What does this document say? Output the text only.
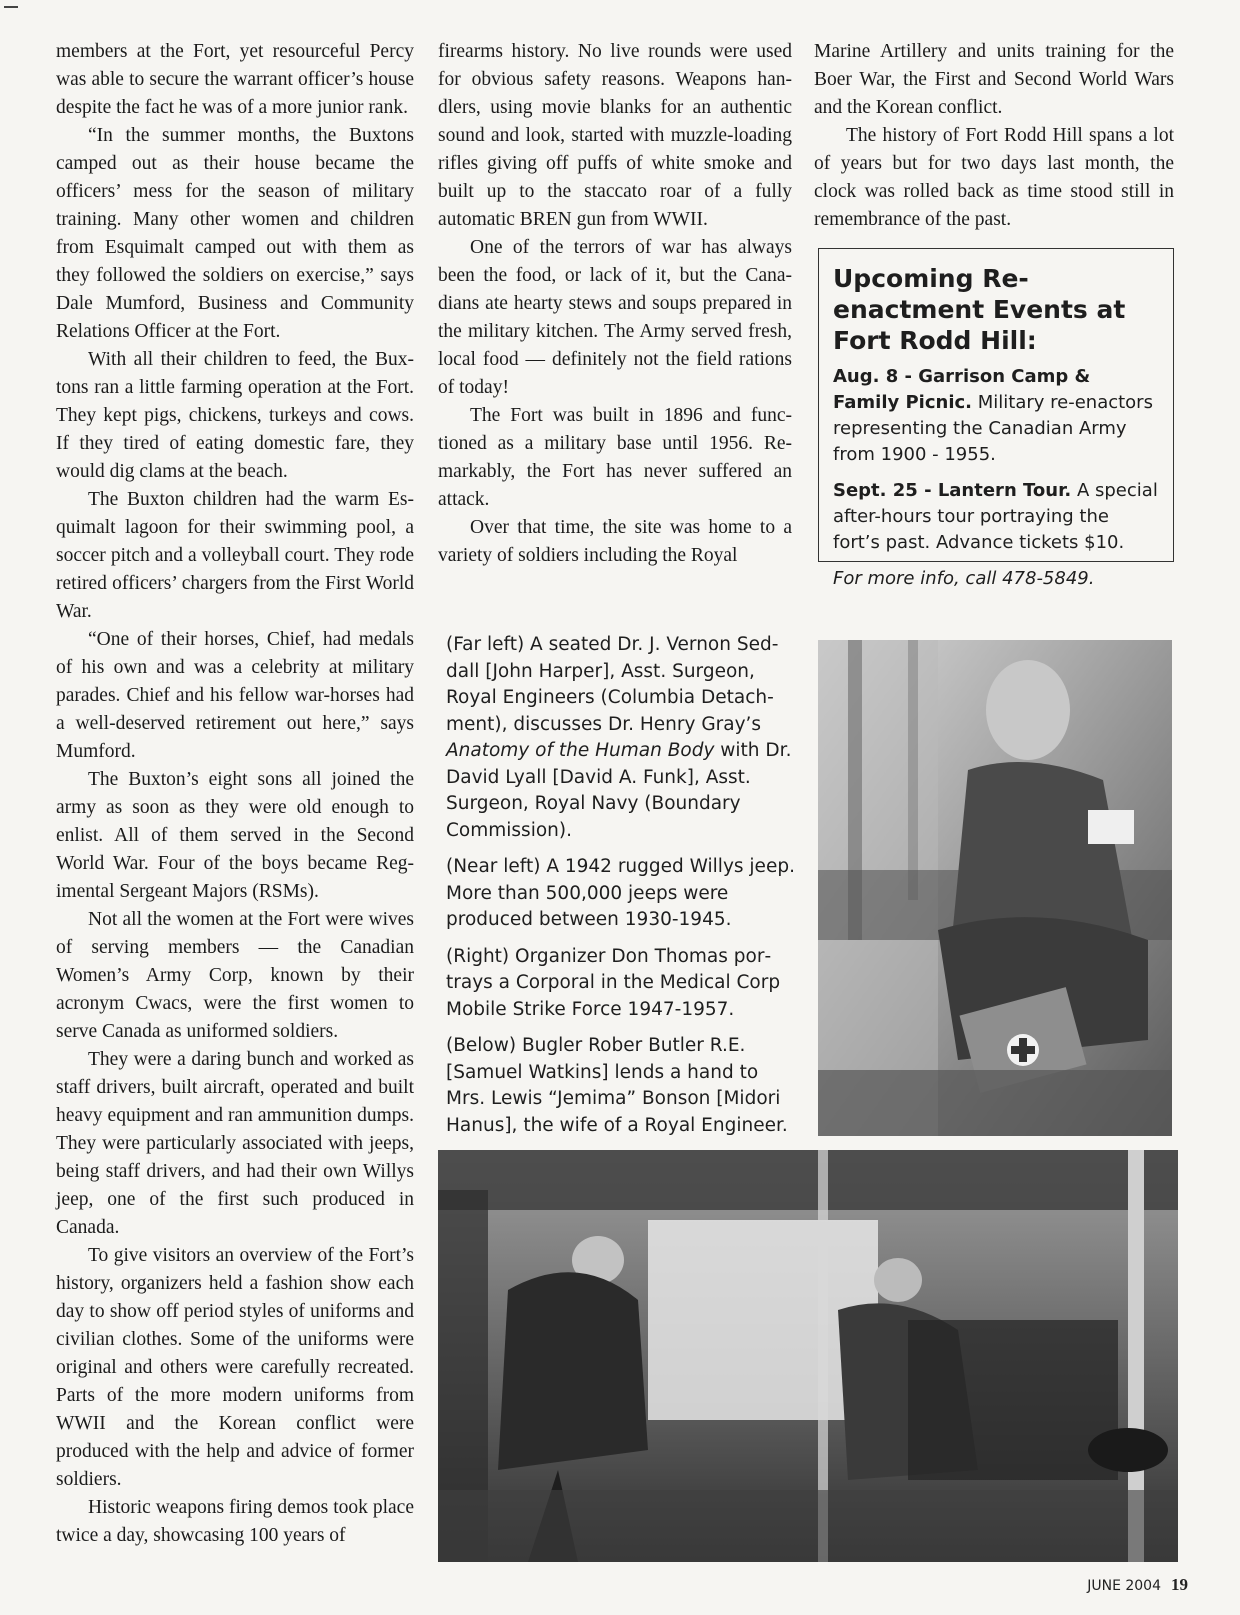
members at the Fort, yet resourceful Percy was able to secure the warrant officer’s house despite the fact he was of a more junior rank.

“In the summer months, the Buxtons camped out as their house became the officers’ mess for the season of military training. Many other women and children from Esquimalt camped out with them as they followed the soldiers on exercise,” says Dale Mumford, Business and Community Relations Officer at the Fort.

With all their children to feed, the Buxtons ran a little farming operation at the Fort. They kept pigs, chickens, turkeys and cows. If they tired of eating domestic fare, they would dig clams at the beach.

The Buxton children had the warm Esquimalt lagoon for their swimming pool, a soccer pitch and a volleyball court. They rode retired officers’ chargers from the First World War.

“One of their horses, Chief, had medals of his own and was a celebrity at military parades. Chief and his fellow war-horses had a well-deserved retirement out here,” says Mumford.

The Buxton’s eight sons all joined the army as soon as they were old enough to enlist. All of them served in the Second World War. Four of the boys became Regimental Sergeant Majors (RSMs).

Not all the women at the Fort were wives of serving members — the Canadian Women’s Army Corp, known by their acronym Cwacs, were the first women to serve Canada as uniformed soldiers.

They were a daring bunch and worked as staff drivers, built aircraft, operated and built heavy equipment and ran ammunition dumps. They were particularly associated with jeeps, being staff drivers, and had their own Willys jeep, one of the first such produced in Canada.

To give visitors an overview of the Fort’s history, organizers held a fashion show each day to show off period styles of uniforms and civilian clothes. Some of the uniforms were original and others were carefully recreated. Parts of the more modern uniforms from WWII and the Korean conflict were produced with the help and advice of former soldiers.

Historic weapons firing demos took place twice a day, showcasing 100 years of

firearms history. No live rounds were used for obvious safety reasons. Weapons handlers, using movie blanks for an authentic sound and look, started with muzzle-loading rifles giving off puffs of white smoke and built up to the staccato roar of a fully automatic BREN gun from WWII.

One of the terrors of war has always been the food, or lack of it, but the Canadians ate hearty stews and soups prepared in the military kitchen. The Army served fresh, local food — definitely not the field rations of today!

The Fort was built in 1896 and functioned as a military base until 1956. Remarkably, the Fort has never suffered an attack.

Over that time, the site was home to a variety of soldiers including the Royal

Marine Artillery and units training for the Boer War, the First and Second World Wars and the Korean conflict.

The history of Fort Rodd Hill spans a lot of years but for two days last month, the clock was rolled back as time stood still in remembrance of the past.

Upcoming Re-enactment Events at Fort Rodd Hill:
Aug. 8 - Garrison Camp & Family Picnic. Military re-enactors representing the Canadian Army from 1900 - 1955.
Sept. 25 - Lantern Tour. A special after-hours tour portraying the fort’s past. Advance tickets $10.
For more info, call 478-5849.

(Far left) A seated Dr. J. Vernon Seddall [John Harper], Asst. Surgeon, Royal Engineers (Columbia Detachment), discusses Dr. Henry Gray’s Anatomy of the Human Body with Dr. David Lyall [David A. Funk], Asst. Surgeon, Royal Navy (Boundary Commission).

(Near left) A 1942 rugged Willys jeep. More than 500,000 jeeps were produced between 1930-1945.

(Right) Organizer Don Thomas portrays a Corporal in the Medical Corp Mobile Strike Force 1947-1957.

(Below) Bugler Rober Butler R.E. [Samuel Watkins] lends a hand to Mrs. Lewis “Jemima” Bonson [Midori Hanus], the wife of a Royal Engineer.

JUNE 2004 19
